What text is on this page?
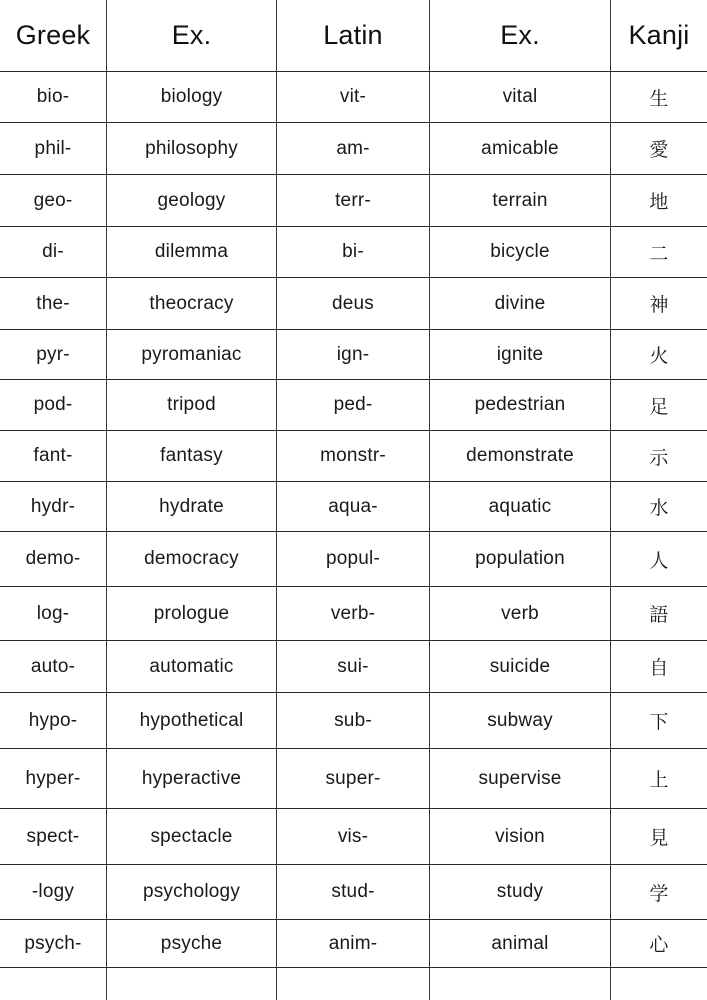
Greek	Ex.	Latin	Ex.	Kanji
bio-	biology	vit-	vital	生
phil-	philosophy	am-	amicable	愛
geo-	geology	terr-	terrain	地
di-	dilemma	bi-	bicycle	二
the-	theocracy	deus	divine	神
pyr-	pyromaniac	ign-	ignite	火
pod-	tripod	ped-	pedestrian	足
fant-	fantasy	monstr-	demonstrate	示
hydr-	hydrate	aqua-	aquatic	水
demo-	democracy	popul-	population	人
log-	prologue	verb-	verb	語
auto-	automatic	sui-	suicide	自
hypo-	hypothetical	sub-	subway	下
hyper-	hyperactive	super-	supervise	上
spect-	spectacle	vis-	vision	見
-logy	psychology	stud-	study	学
psych-	psyche	anim-	animal	心
